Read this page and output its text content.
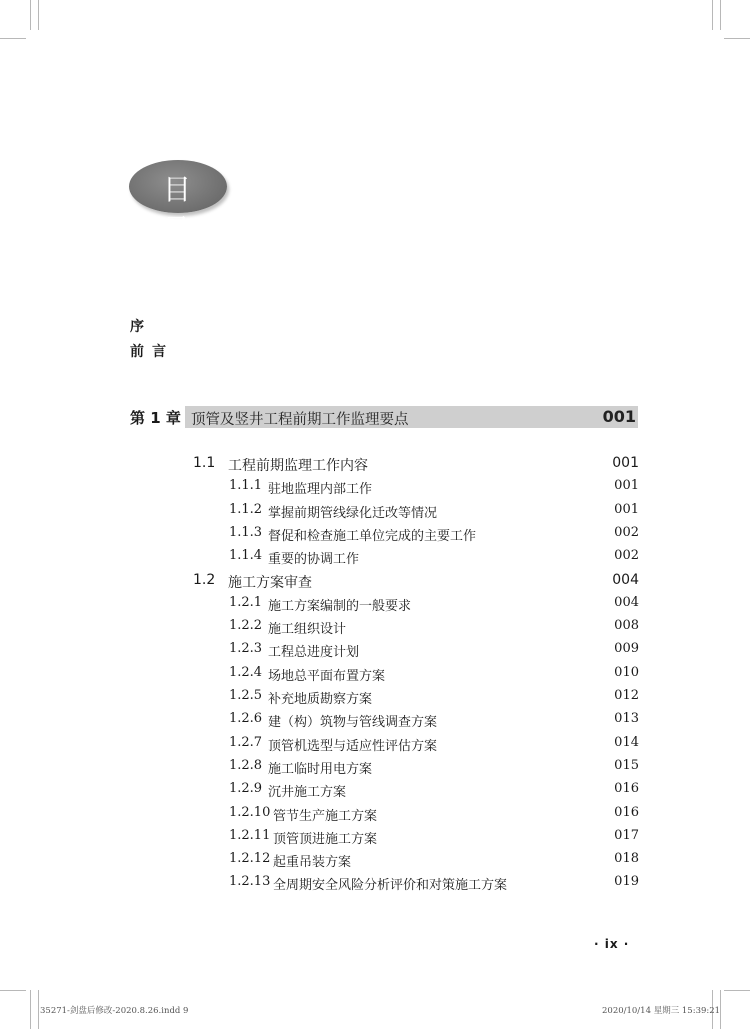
目录
序
前言
第 1 章 顶管及竖井工程前期工作监理要点	001
1.1 工程前期监理工作内容	001
1.1.1 驻地监理内部工作	001
1.1.2 掌握前期管线绿化迁改等情况	001
1.1.3 督促和检查施工单位完成的主要工作	002
1.1.4 重要的协调工作	002
1.2 施工方案审查	004
1.2.1 施工方案编制的一般要求	004
1.2.2 施工组织设计	008
1.2.3 工程总进度计划	009
1.2.4 场地总平面布置方案	010
1.2.5 补充地质勘察方案	012
1.2.6 建（构）筑物与管线调查方案	013
1.2.7 顶管机选型与适应性评估方案	014
1.2.8 施工临时用电方案	015
1.2.9 沉井施工方案	016
1.2.10 管节生产施工方案	016
1.2.11 顶管顶进施工方案	017
1.2.12 起重吊装方案	018
1.2.13 全周期安全风险分析评价和对策施工方案	019
· ix ·
35271-剑盘后修改-2020.8.26.indd 9	2020/10/14 星期三 15:39:21
